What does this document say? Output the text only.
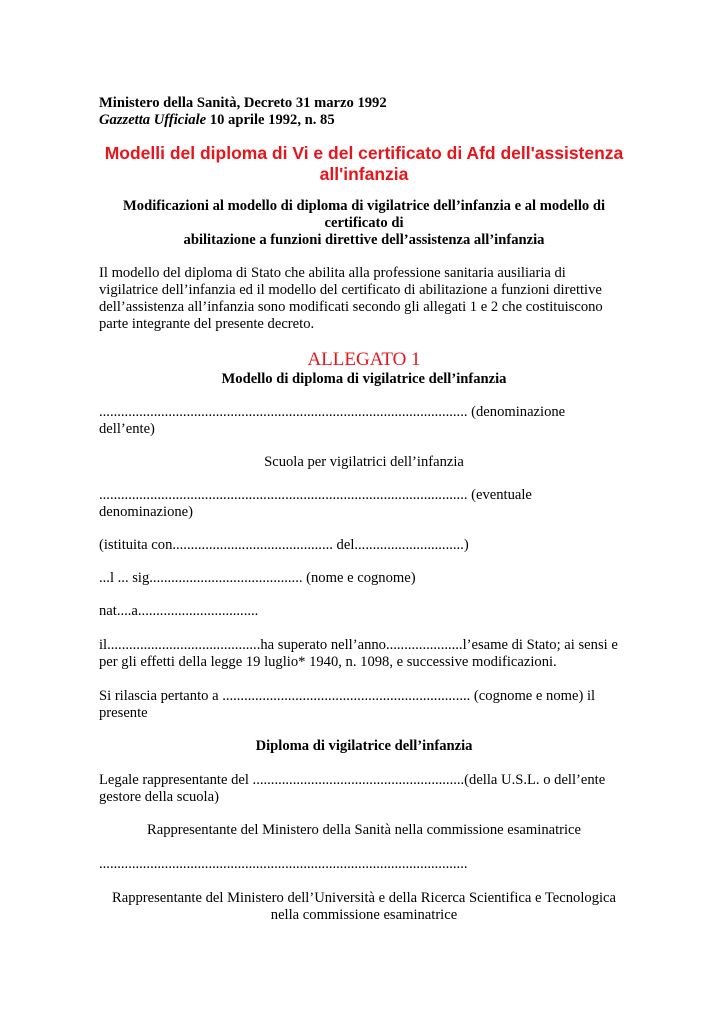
Ministero della Sanità, Decreto 31 marzo 1992

Gazzetta Ufficiale 10 aprile 1992, n. 85

Modelli del diploma di Vi e del certificato di Afd dell'assistenza

all'infanzia

Modificazioni al modello di diploma di vigilatrice dell’infanzia e al modello di

certificato di

abilitazione a funzioni direttive dell’assistenza all’infanzia

Il modello del diploma di Stato che abilita alla professione sanitaria ausiliaria di

vigilatrice dell’infanzia ed il modello del certificato di abilitazione a funzioni direttive

dell’assistenza all’infanzia sono modificati secondo gli allegati 1 e 2 che costituiscono

parte integrante del presente decreto.

ALLEGATO 1

Modello di diploma di vigilatrice dell’infanzia

..................................................................................................... (denominazione

dell’ente)

Scuola per vigilatrici dell’infanzia

..................................................................................................... (eventuale

denominazione)

(istituita con............................................ del..............................)

...l ... sig.......................................... (nome e cognome)

nat....a.................................

il..........................................ha superato nell’anno.....................l’esame di Stato; ai sensi e

per gli effetti della legge 19 luglio* 1940, n. 1098, e successive modificazioni.

Si rilascia pertanto a .................................................................... (cognome e nome) il

presente

Diploma di vigilatrice dell’infanzia

Legale rappresentante del ..........................................................(della U.S.L. o dell’ente

gestore della scuola)

Rappresentante del Ministero della Sanità nella commissione esaminatrice

.....................................................................................................

Rappresentante del Ministero dell’Università e della Ricerca Scientifica e Tecnologica

nella commissione esaminatrice
